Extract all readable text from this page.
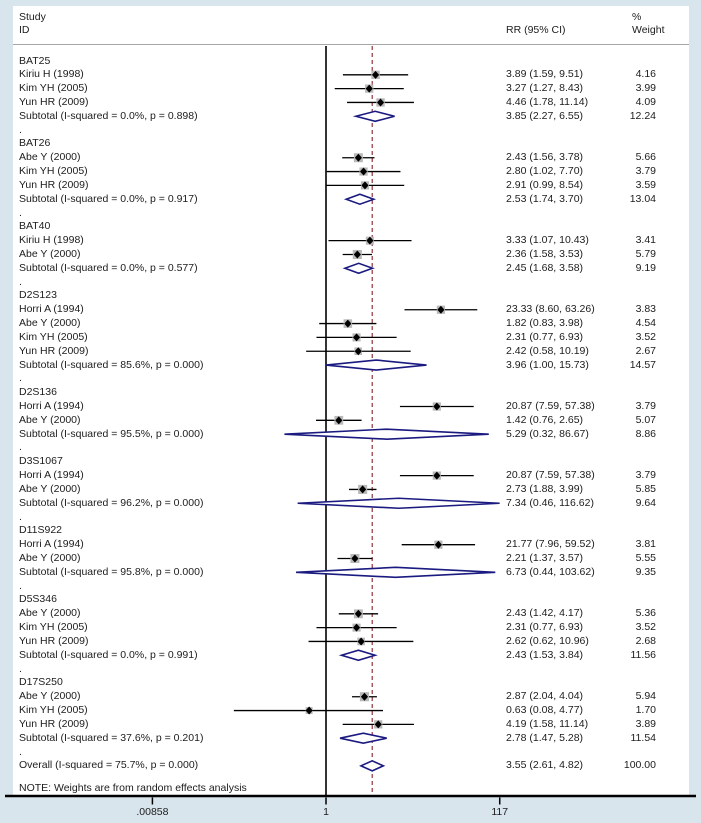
Study
ID	RR (95% CI)
%
Weight
BAT25
Kiriu H (1998)	3.89 (1.59, 9.51)	4.16
Kim YH (2005)	3.27 (1.27, 8.43)	3.99
Yun HR (2009)	4.46 (1.78, 11.14)	4.09
Subtotal (I-squared = 0.0%, p = 0.898)	3.85 (2.27, 6.55)	12.24
.
BAT26
Abe Y (2000)	2.43 (1.56, 3.78)	5.66
Kim YH (2005)	2.80 (1.02, 7.70)	3.79
Yun HR (2009)	2.91 (0.99, 8.54)	3.59
Subtotal (I-squared = 0.0%, p = 0.917)	2.53 (1.74, 3.70)	13.04
.
BAT40
Kiriu H (1998)	3.33 (1.07, 10.43)	3.41
Abe Y (2000)	2.36 (1.58, 3.53)	5.79
Subtotal (I-squared = 0.0%, p = 0.577)	2.45 (1.68, 3.58)	9.19
.
D2S123
Horri A (1994)	23.33 (8.60, 63.26)	3.83
Abe Y (2000)	1.82 (0.83, 3.98)	4.54
Kim YH (2005)	2.31 (0.77, 6.93)	3.52
Yun HR (2009)	2.42 (0.58, 10.19)	2.67
Subtotal (I-squared = 85.6%, p = 0.000)	3.96 (1.00, 15.73)	14.57
.
D2S136
Horri A (1994)	20.87 (7.59, 57.38)	3.79
Abe Y (2000)	1.42 (0.76, 2.65)	5.07
Subtotal (I-squared = 95.5%, p = 0.000)	5.29 (0.32, 86.67)	8.86
.
D3S1067
Horri A (1994)	20.87 (7.59, 57.38)	3.79
Abe Y (2000)	2.73 (1.88, 3.99)	5.85
Subtotal (I-squared = 96.2%, p = 0.000)	7.34 (0.46, 116.62)	9.64
.
D11S922
Horri A (1994)	21.77 (7.96, 59.52)	3.81
Abe Y (2000)	2.21 (1.37, 3.57)	5.55
Subtotal (I-squared = 95.8%, p = 0.000)	6.73 (0.44, 103.62)	9.35
.
D5S346
Abe Y (2000)	2.43 (1.42, 4.17)	5.36
Kim YH (2005)	2.31 (0.77, 6.93)	3.52
Yun HR (2009)	2.62 (0.62, 10.96)	2.68
Subtotal (I-squared = 0.0%, p = 0.991)	2.43 (1.53, 3.84)	11.56
.
D17S250
Abe Y (2000)	2.87 (2.04, 4.04)	5.94
Kim YH (2005)	0.63 (0.08, 4.77)	1.70
Yun HR (2009)	4.19 (1.58, 11.14)	3.89
Subtotal (I-squared = 37.6%, p = 0.201)	2.78 (1.47, 5.28)	11.54
.
Overall (I-squared = 75.7%, p = 0.000)	3.55 (2.61, 4.82)	100.00
NOTE: Weights are from random effects analysis
.00858	1	117
